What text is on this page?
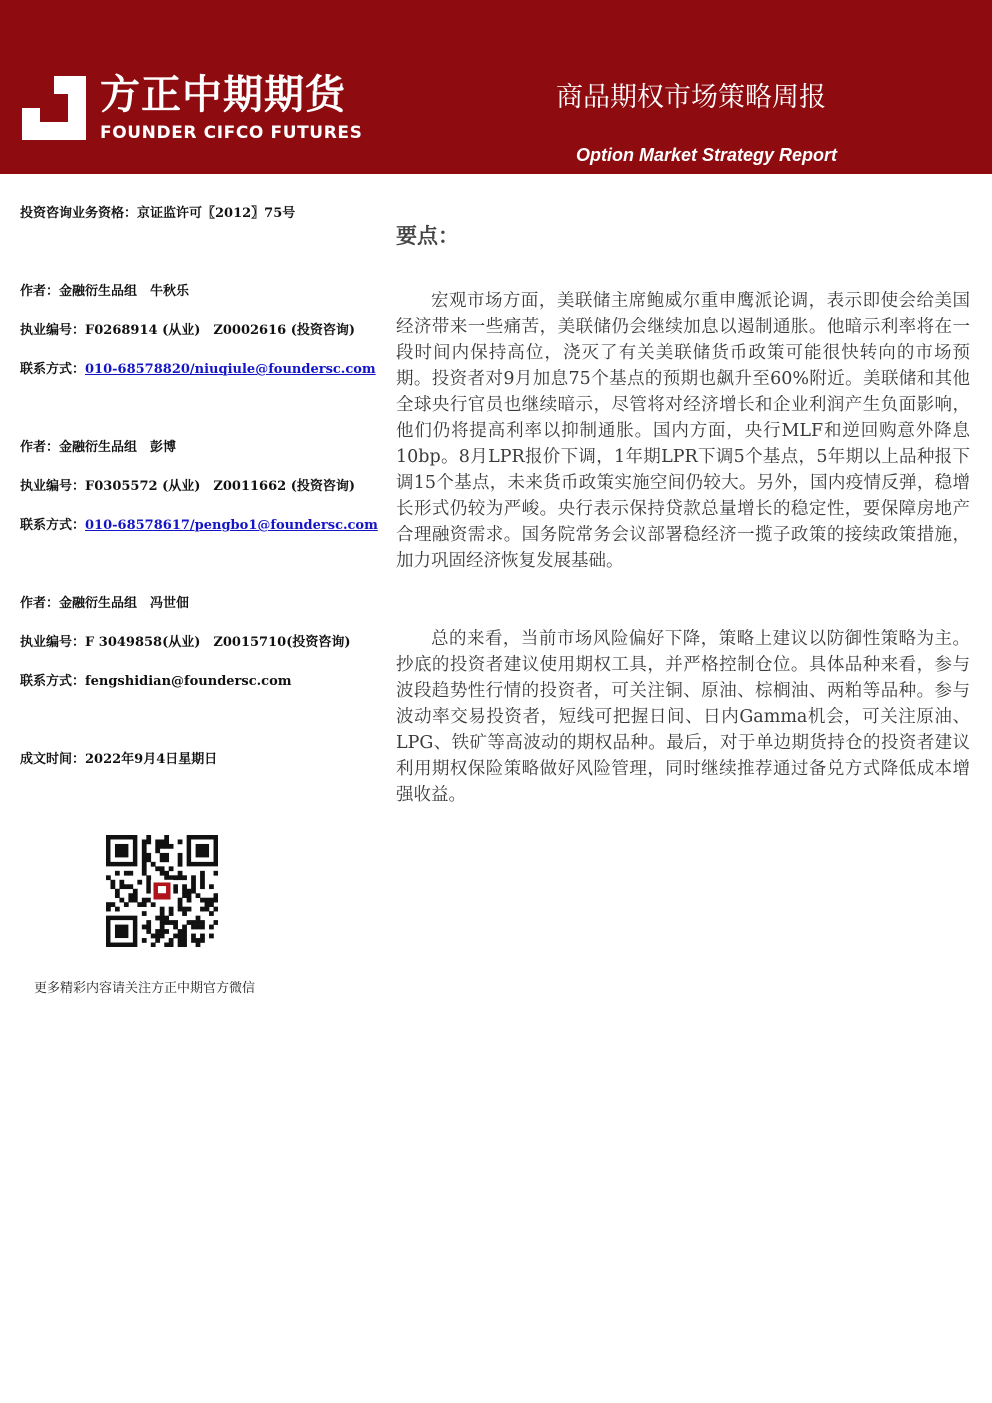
方正中期期货
FOUNDER CIFCO FUTURES
商品期权市场策略周报
Option Market Strategy Report
投资咨询业务资格：京证监许可〖2012〗75号
作者：金融衍生品组　牛秋乐
执业编号：F0268914 (从业)　Z0002616 (投资咨询)
联系方式：010-68578820/niuqiule@foundersc.com
作者：金融衍生品组　彭博
执业编号：F0305572 (从业)　Z0011662 (投资咨询)
联系方式：010-68578617/pengbo1@foundersc.com
作者：金融衍生品组　冯世佃
执业编号：F 3049858(从业)　Z0015710(投资咨询)
联系方式：fengshidian@foundersc.com
成文时间：2022年9月4日星期日
更多精彩内容请关注方正中期官方微信
要点：

宏观市场方面，美联储主席鲍威尔重申鹰派论调，表示即使会给美国经济带来一些痛苦，美联储仍会继续加息以遏制通胀。他暗示利率将在一段时间内保持高位，浇灭了有关美联储货币政策可能很快转向的市场预期。投资者对9月加息75个基点的预期也飙升至60%附近。美联储和其他全球央行官员也继续暗示，尽管将对经济增长和企业利润产生负面影响，他们仍将提高利率以抑制通胀。国内方面，央行MLF和逆回购意外降息10bp。8月LPR报价下调，1年期LPR下调5个基点，5年期以上品种报下调15个基点，未来货币政策实施空间仍较大。另外，国内疫情反弹，稳增长形式仍较为严峻。央行表示保持贷款总量增长的稳定性，要保障房地产合理融资需求。国务院常务会议部署稳经济一揽子政策的接续政策措施，加力巩固经济恢复发展基础。

总的来看，当前市场风险偏好下降，策略上建议以防御性策略为主。抄底的投资者建议使用期权工具，并严格控制仓位。具体品种来看，参与波段趋势性行情的投资者，可关注铜、原油、棕榈油、两粕等品种。参与波动率交易投资者，短线可把握日间、日内Gamma机会，可关注原油、LPG、铁矿等高波动的期权品种。最后，对于单边期货持仓的投资者建议利用期权保险策略做好风险管理，同时继续推荐通过备兑方式降低成本增强收益。
